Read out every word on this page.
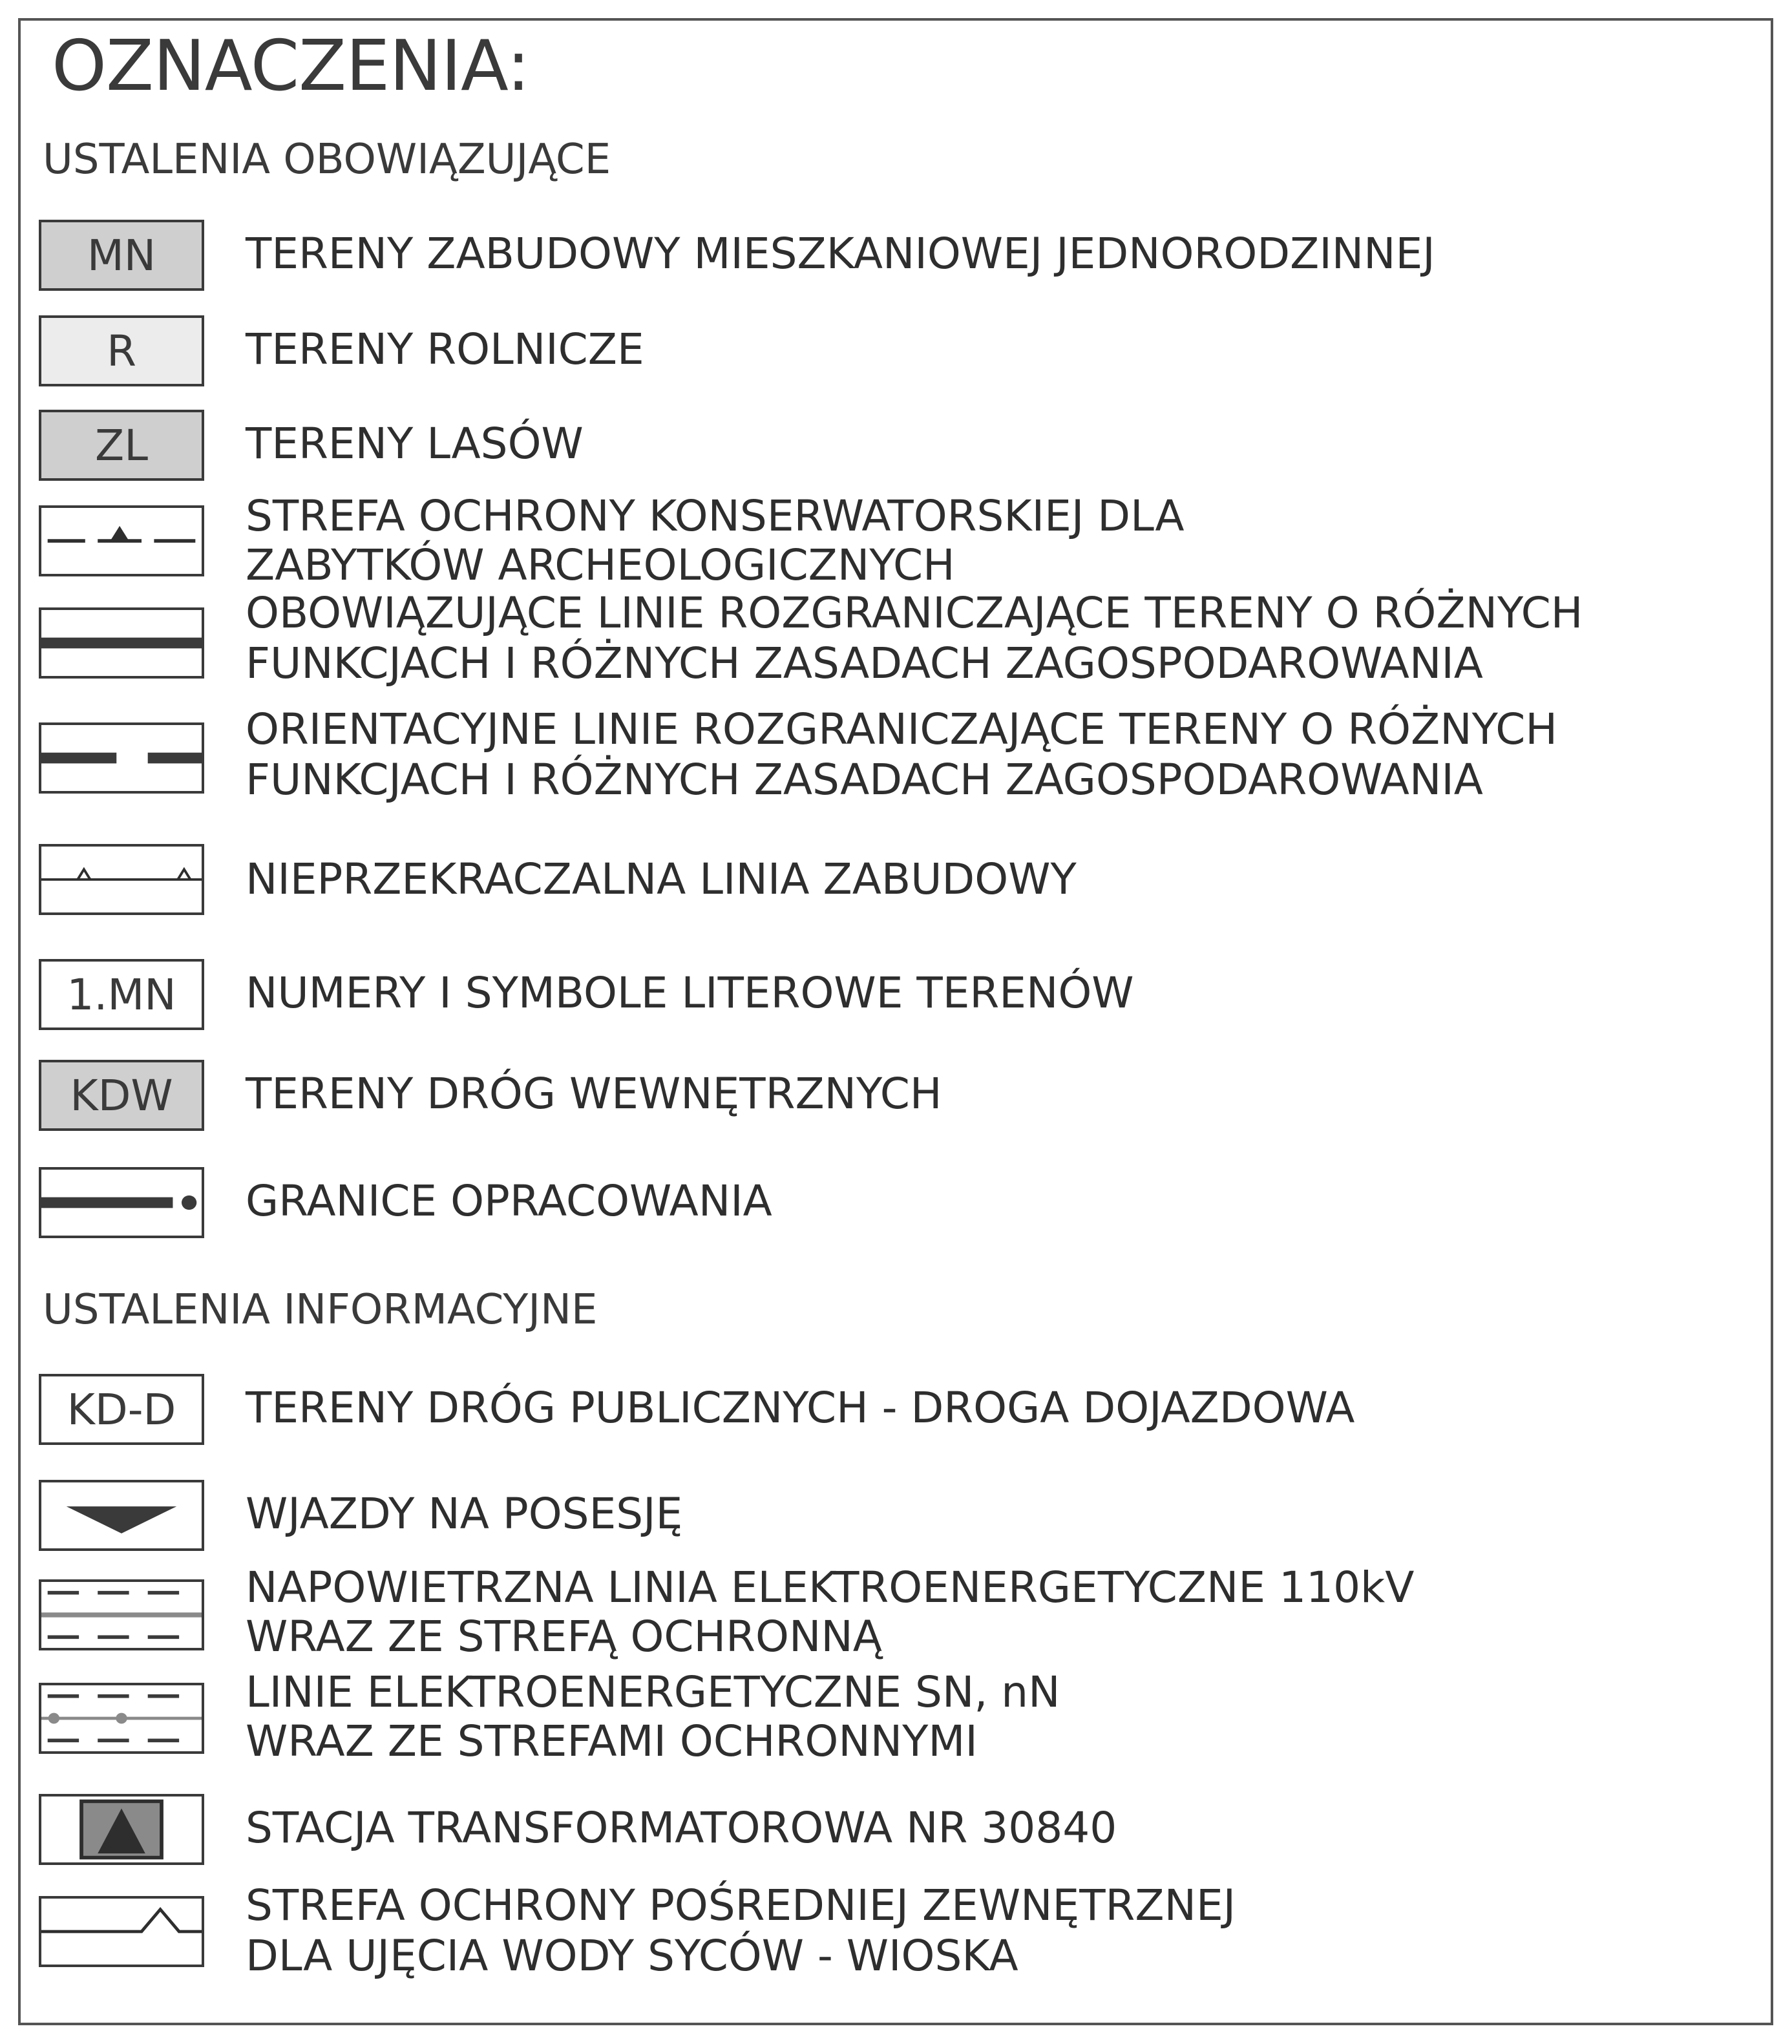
OZNACZENIA:
USTALENIA OBOWIĄZUJĄCE
MN	TERENY ZABUDOWY MIESZKANIOWEJ JEDNORODZINNEJ
R	TERENY ROLNICZE
ZL	TERENY LASÓW
STREFA OCHRONY KONSERWATORSKIEJ DLA
ZABYTKÓW ARCHEOLOGICZNYCH
OBOWIĄZUJĄCE LINIE ROZGRANICZAJĄCE TERENY O RÓŻNYCH
FUNKCJACH I RÓŻNYCH ZASADACH ZAGOSPODAROWANIA
ORIENTACYJNE LINIE ROZGRANICZAJĄCE TERENY O RÓŻNYCH
FUNKCJACH I RÓŻNYCH ZASADACH ZAGOSPODAROWANIA
NIEPRZEKRACZALNA LINIA ZABUDOWY
1.MN	NUMERY I SYMBOLE LITEROWE TERENÓW
KDW	TERENY DRÓG WEWNĘTRZNYCH
GRANICE OPRACOWANIA
USTALENIA INFORMACYJNE
KD-D	TERENY DRÓG PUBLICZNYCH - DROGA DOJAZDOWA
WJAZDY NA POSESJĘ
NAPOWIETRZNA LINIA ELEKTROENERGETYCZNE 110kV
WRAZ ZE STREFĄ OCHRONNĄ
LINIE ELEKTROENERGETYCZNE SN, nN
WRAZ ZE STREFAMI OCHRONNYMI
STACJA TRANSFORMATOROWA NR 30840
STREFA OCHRONY POŚREDNIEJ ZEWNĘTRZNEJ
DLA UJĘCIA WODY SYCÓW - WIOSKA
